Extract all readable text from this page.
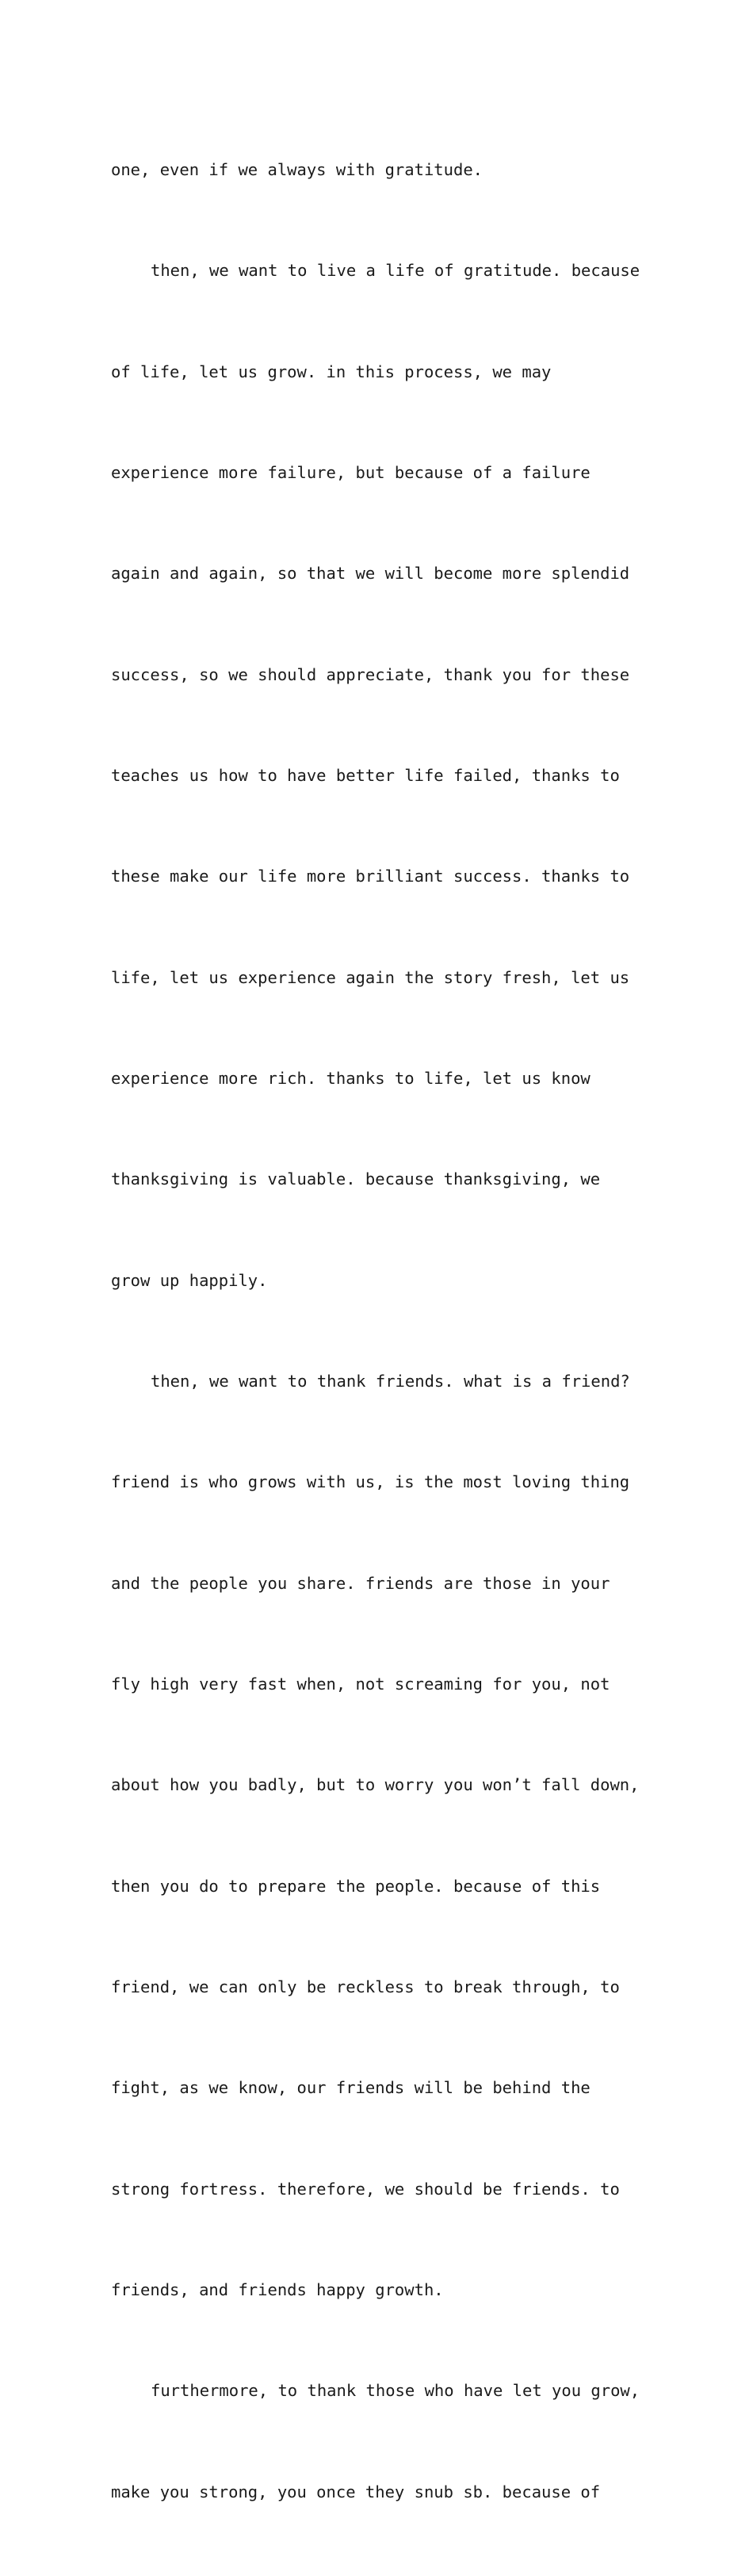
one, even if we always with gratitude.

then, we want to live a life of gratitude. because

of life, let us grow. in this process, we may

experience more failure, but because of a failure

again and again, so that we will become more splendid

success, so we should appreciate, thank you for these

teaches us how to have better life failed, thanks to

these make our life more brilliant success. thanks to

life, let us experience again the story fresh, let us

experience more rich. thanks to life, let us know

thanksgiving is valuable. because thanksgiving, we

grow up happily.

then, we want to thank friends. what is a friend?

friend is who grows with us, is the most loving thing

and the people you share. friends are those in your

fly high very fast when, not screaming for you, not

about how you badly, but to worry you won’t fall down,

then you do to prepare the people. because of this

friend, we can only be reckless to break through, to

fight, as we know, our friends will be behind the

strong fortress. therefore, we should be friends. to

friends, and friends happy growth.

furthermore, to thank those who have let you grow,

make you strong, you once they snub sb. because of
